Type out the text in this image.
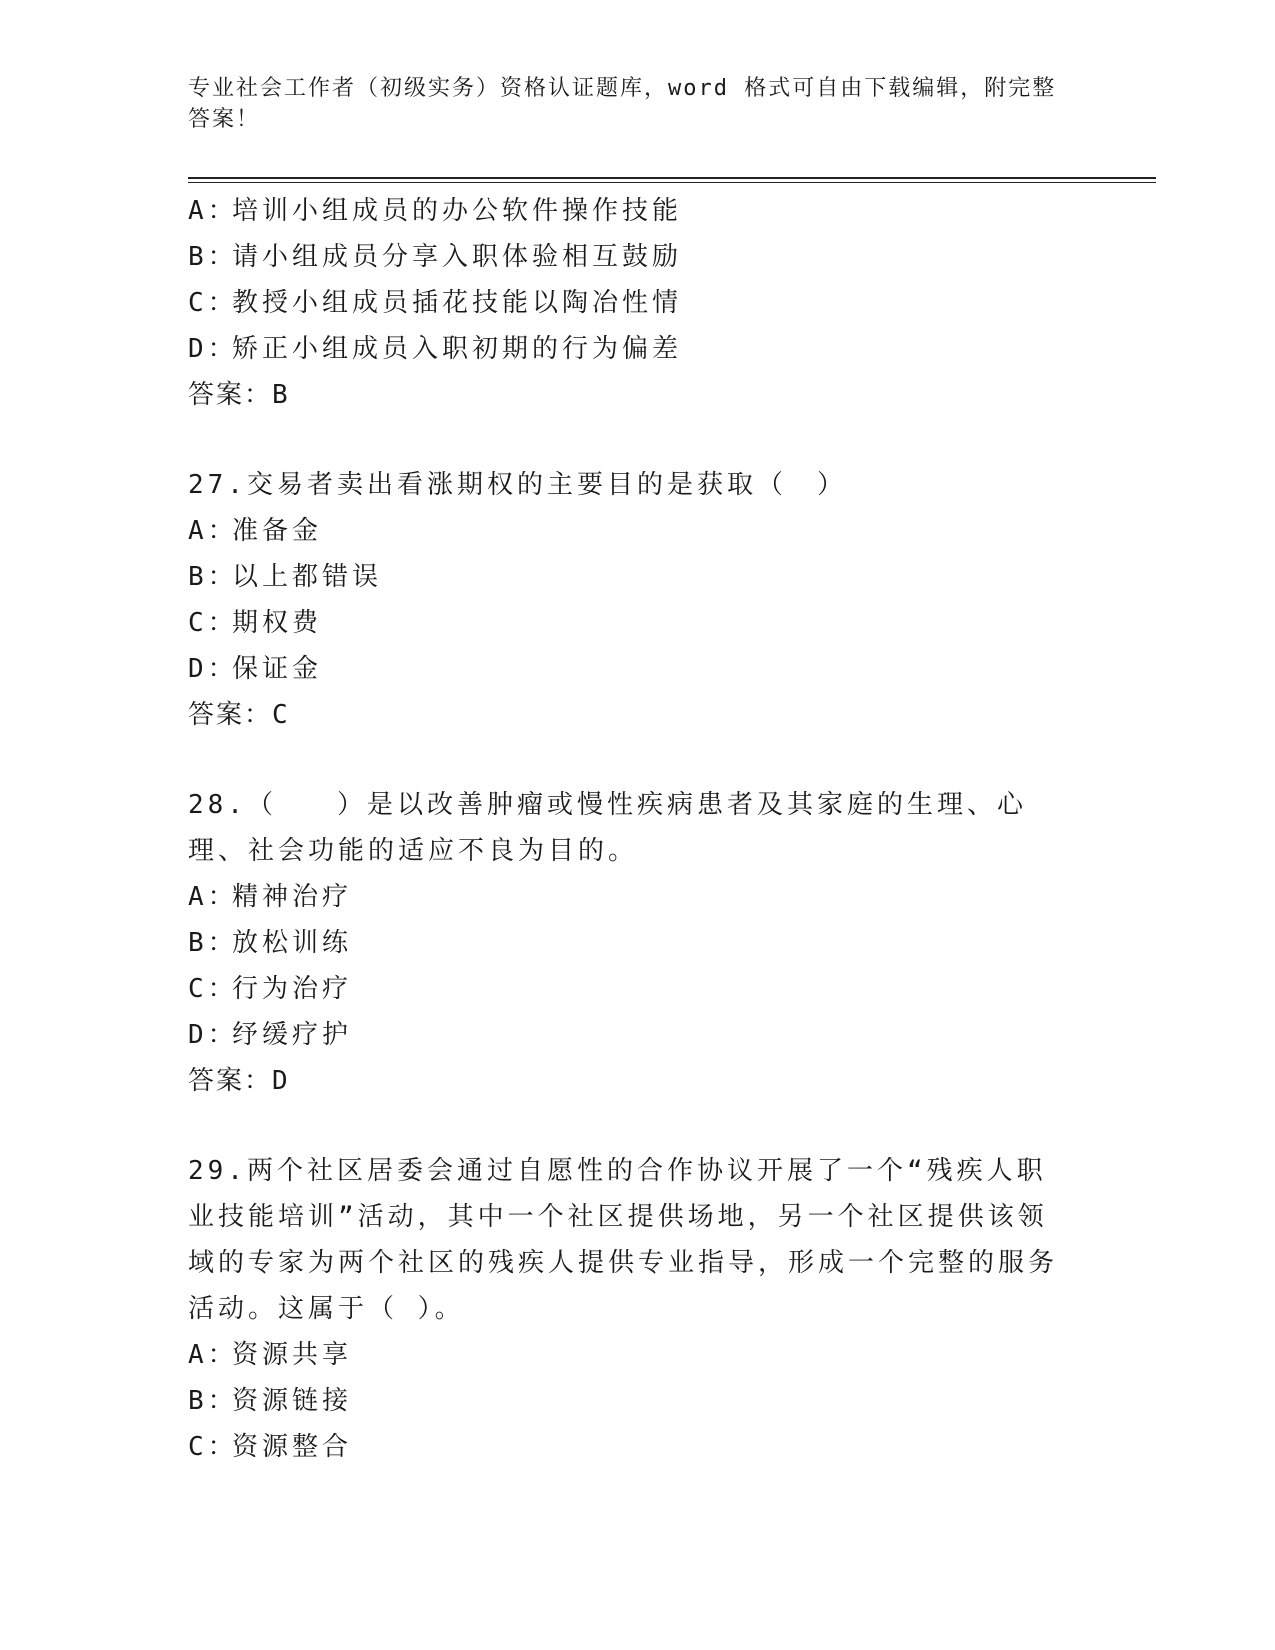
专业社会工作者（初级实务）资格认证题库，word 格式可自由下载编辑，附完整答案！
A：培训小组成员的办公软件操作技能
B：请小组成员分享入职体验相互鼓励
C：教授小组成员插花技能以陶冶性情
D：矫正小组成员入职初期的行为偏差
答案：B
27.交易者卖出看涨期权的主要目的是获取（　）
A：准备金
B：以上都错误
C：期权费
D：保证金
答案：C
28.（　　）是以改善肿瘤或慢性疾病患者及其家庭的生理、心理、社会功能的适应不良为目的。
A：精神治疗
B：放松训练
C：行为治疗
D：纾缓疗护
答案：D
29.两个社区居委会通过自愿性的合作协议开展了一个“残疾人职业技能培训”活动，其中一个社区提供场地，另一个社区提供该领域的专家为两个社区的残疾人提供专业指导，形成一个完整的服务活动。这属于（ ）。
A：资源共享
B：资源链接
C：资源整合
